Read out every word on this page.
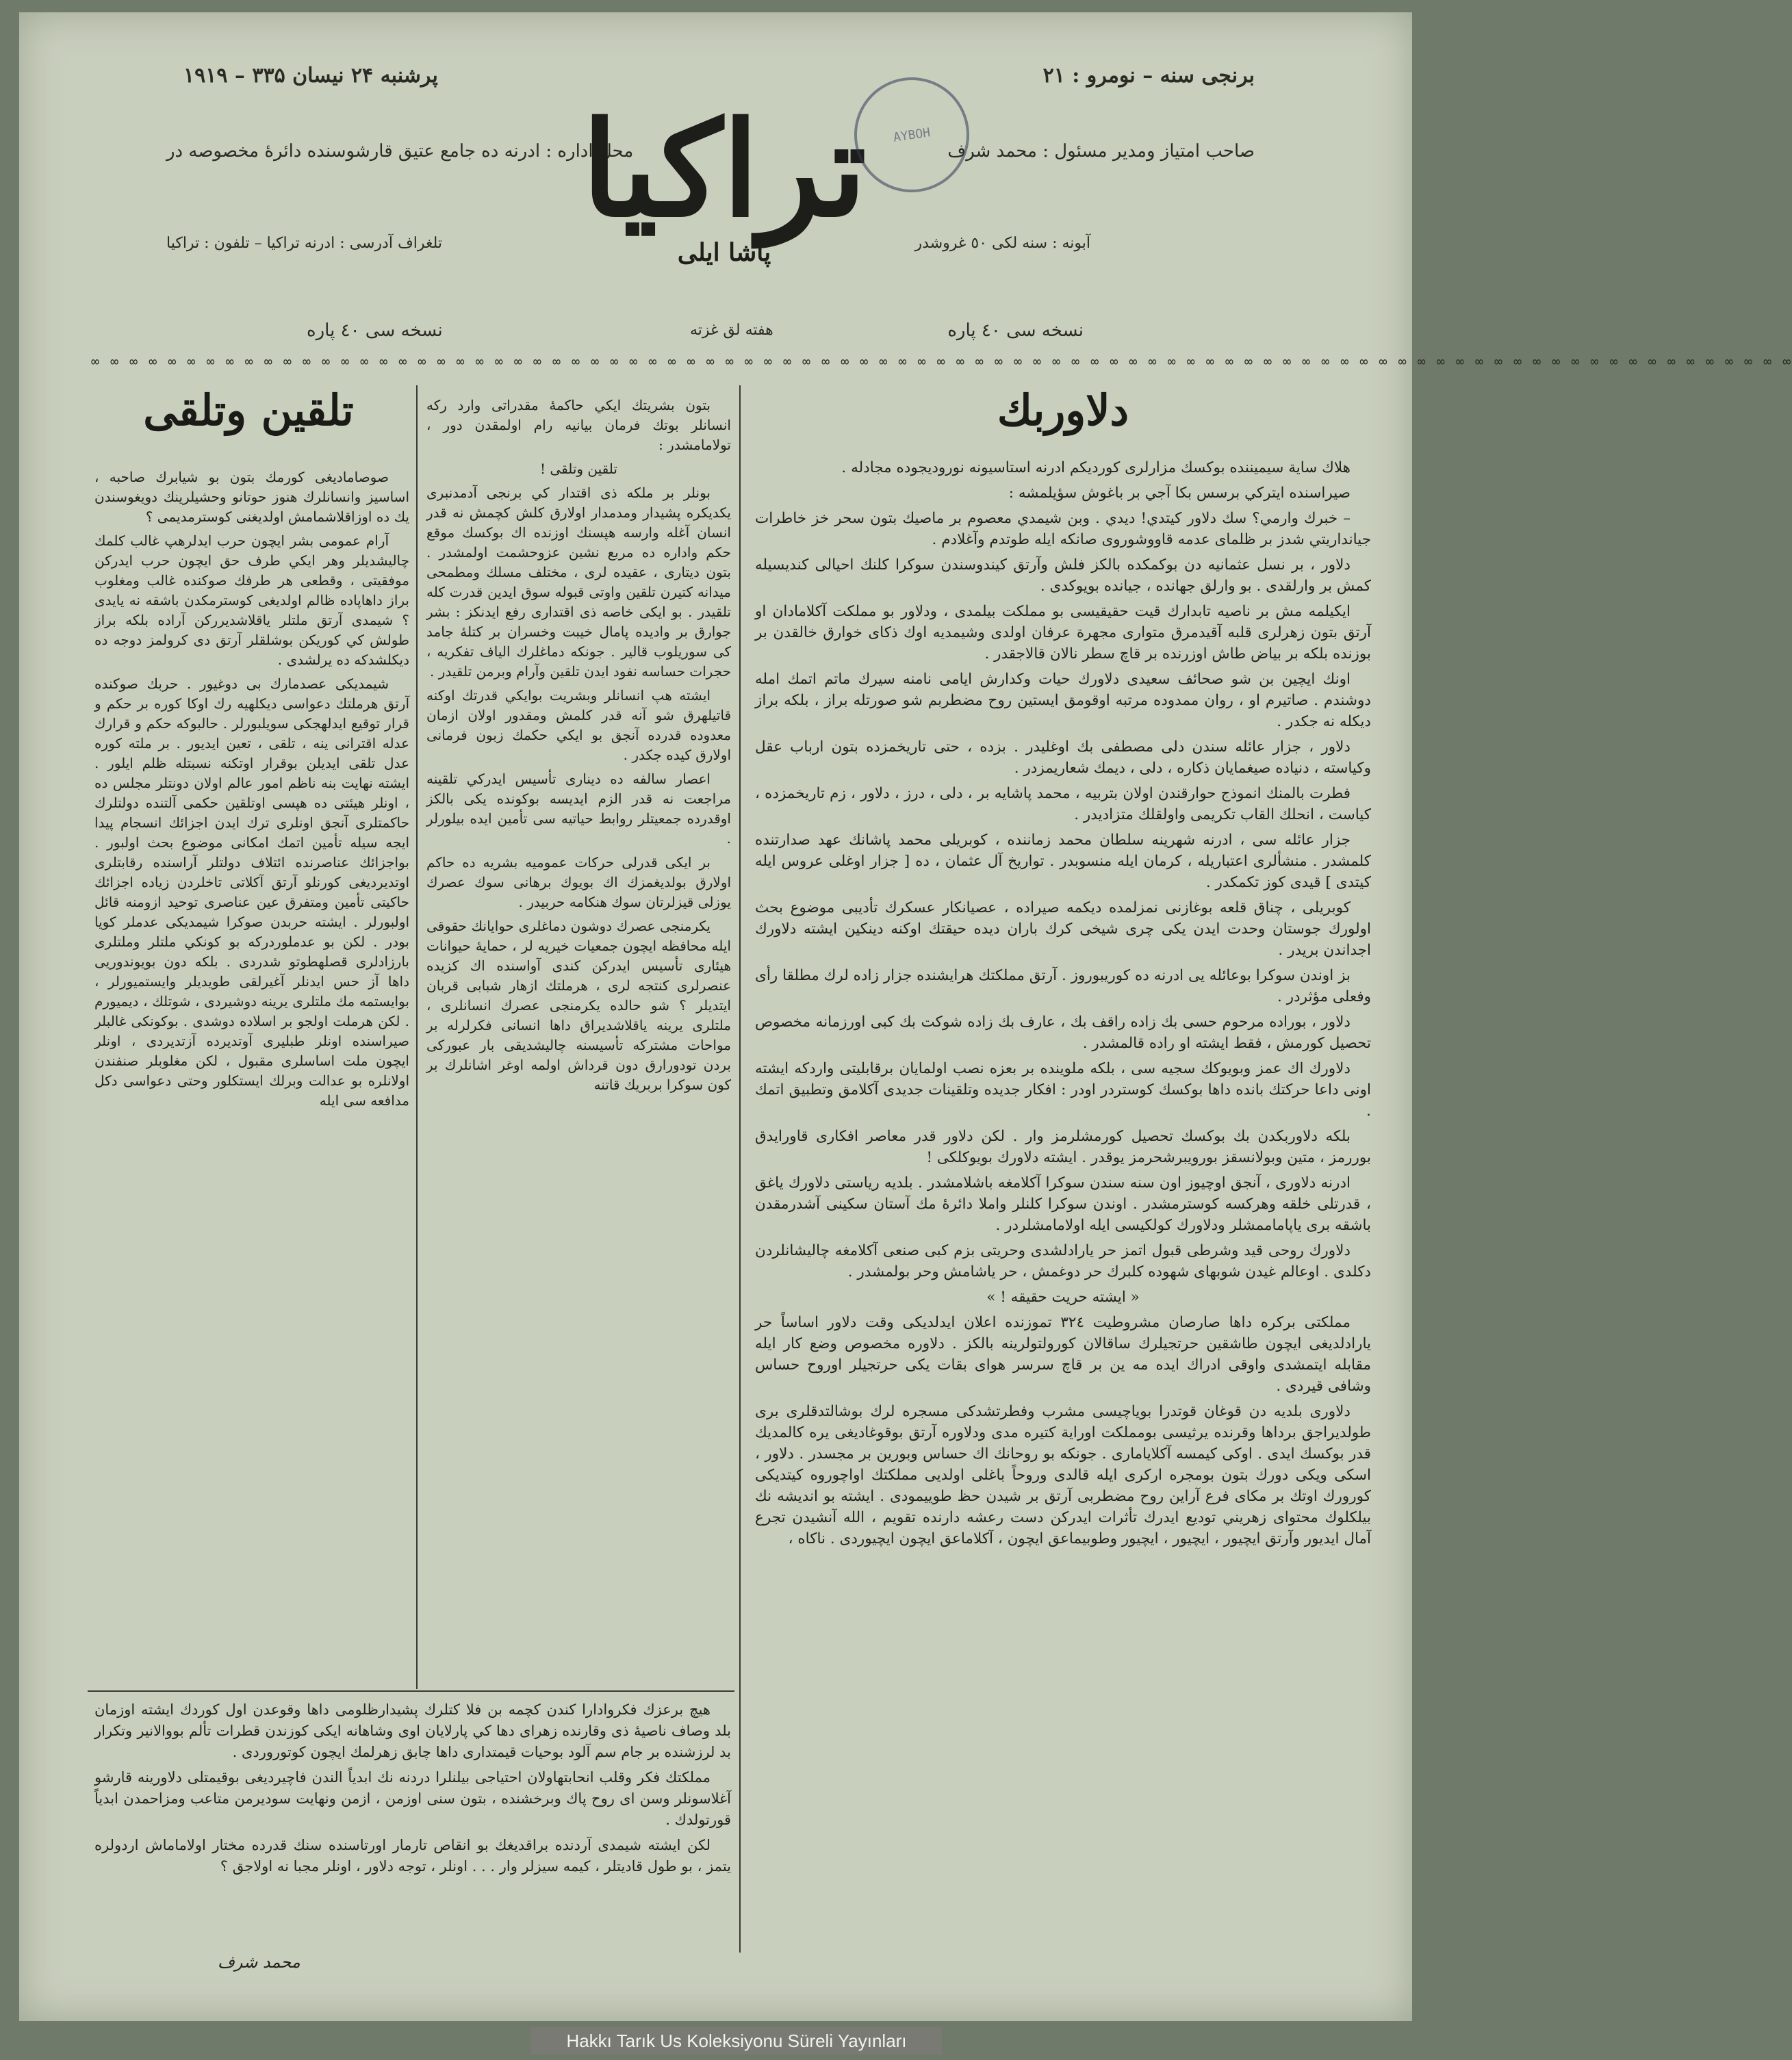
برنجی سنه – نومرو : ۲۱
پرشنبه ۲۴ نیسان ۳۳۵ – ۱۹۱۹
صاحب امتیاز ومدیر مسئول : محمد شرف
محل اداره : ادرنه ده جامع عتیق قارشوسنده دائرهٔ مخصوصه در
آبونه : سنه لکی ٥٠ غروشدر
تلغراف آدرسی : ادرنه تراکیا – تلفون : تراکیا
نسخه سی ٤٠ پاره
هفته لق غزته
نسخه سی ٤٠ پاره
تراکیا
پاشا ایلی
AYBOH
∞ ∞ ∞ ∞ ∞ ∞ ∞ ∞ ∞ ∞ ∞ ∞ ∞ ∞ ∞ ∞ ∞ ∞ ∞ ∞ ∞ ∞ ∞ ∞ ∞ ∞ ∞ ∞ ∞ ∞ ∞ ∞ ∞ ∞ ∞ ∞ ∞ ∞ ∞ ∞ ∞ ∞ ∞ ∞ ∞ ∞ ∞ ∞ ∞ ∞ ∞ ∞ ∞ ∞ ∞ ∞ ∞ ∞ ∞ ∞ ∞ ∞ ∞ ∞ ∞ ∞ ∞ ∞ ∞ ∞ ∞ ∞ ∞ ∞ ∞ ∞ ∞ ∞ ∞ ∞ ∞ ∞ ∞ ∞ ∞ ∞ ∞ ∞ ∞
دلاوربك

هلاك ساية سيميننده بوكسك مزارلرى كورديكم ادرنه استاسيونه نوروديجوده مجادله .

صيراسنده ايتركي برسس بكا آجي بر باغوش سؤيلمشه :

– خبرك وارمي؟ سك دلاور كيتدي! ديدي . وبن شيمدي معصوم بر ماصيك بتون سحر خز خاطرات جيانداريتي شدز بر ظلماى عدمه قاووشوروى صانكه ايله طوتدم وآغلادم .

دلاور ، بر نسل عثمانيه دن بوكمكده بالكز فلش وآرتق كيندوسندن سوكرا كلنك احيالى كنديسيله كمش بر وارلقدى . بو وارلق جهانده ، جيانده بويوكدى .

ايكيلمه مش بر ناصيه تابدارك قيت حقيقيسى بو مملكت بيلمدى ، ودلاور بو مملكت آكلامادان او آرتق بتون زهرلرى قلبه آقيدمرق متوارى مجهرة عرفان اولدى وشيمديه اوك ذكاى خوارق خالقدن بر بوزنده بلكه بر بياض طاش اوزرنده بر قاچ سطر نالان قالاجقدر .

اونك ايچين بن شو صحائف سعيدى دلاورك حيات وكدارش ايامى نامنه سيرك ماتم اتمك امله دوشندم . صاتيرم او ، روان ممدوده مرتبه اوقومق ايستين روح مضطربم شو صورتله براز ، بلكه براز ديكله نه جكدر .

دلاور ، جزار عائله سندن دلى مصطفى بك اوغليدر . بزده ، حتى تاريخمزده بتون ارباب عقل وكياسته ، دنياده صيغمايان ذكاره ، دلى ، ديمك شعاريمزدر .

فطرت بالمنك انموذج حوارقندن اولان بتربيه ، محمد پاشايه بر ، دلى ، درز ، دلاور ، زم تاريخمزده ، كياست ، انحلك القاب تكريمى واولقلك متزاديدر .

جزار عائله سى ، ادرنه شهرينه سلطان محمد زماننده ، كوبريلى محمد پاشانك عهد صدارتنده كلمشدر . منشألرى اعتباريله ، كرمان ايله منسوبدر . تواريخ آل عثمان ، ده [ جزار اوغلى عروس ايله كيتدى ] قيدى كوز تكمكدر .

كوبريلى ، چناق قلعه بوغازنى نمزلمده ديكمه صيراده ، عصيانكار عسكرك تأديبى موضوع بحث اولورك جوستان وحدت ايدن يكى چرى شيخى كرك باران ديده حيقتك اوكنه دينكين ايشته دلاورك اجداندن بريدر .

بز اوندن سوكرا بوعائله يى ادرنه ده كوريبوروز . آرتق مملكتك هرايشنده جزار زاده لرك مطلقا رأى وفعلى مؤثردر .

دلاور ، بوراده مرحوم حسى بك زاده راقف بك ، عارف بك زاده شوكت بك كبى اورزمانه مخصوص تحصيل كورمش ، فقط ايشته او راده قالمشدر .

دلاورك اك عمز وبويوكك سجيه سى ، بلكه ملوينده بر بعزه نصب اولمايان برقابليتى واردكه ايشته اونى داعا حركتك بانده داها بوكسك كوستردر اودر : افكار جديده وتلقينات جديدى آكلامق وتطبيق اتمك .

بلكه دلاوربكدن بك بوكسك تحصيل كورمشلرمز وار . لكن دلاور قدر معاصر افكارى قاورايدق بوررمز ، متين وبولانسقز بورويبرشحرمز يوقدر . ايشته دلاورك بويوكلكى !

ادرنه دلاورى ، آنجق اوچيوز اون سنه سندن سوكرا آكلامغه باشلامشدر . بلديه رياستى دلاورك ياغق ، قدرتلى خلقه وهركسه كوسترمشدر . اوندن سوكرا كلنلر واملا دائرهٔ مك آستان سكينى آشدرمقدن باشقه برى ياپاماممشلر ودلاورك كولكيسى ايله اولامامشلردر .

دلاورك روحى قيد وشرطى قبول اتمز حر يارادلشدى وحريتى بزم كبى صنعى آكلامغه چاليشانلردن دكلدى . اوعالم غيدن شوبهاى شهوده كلبرك حر دوغمش ، حر ياشامش وحر بولمشدر .

« ايشته حريت حقيقه ! »

مملكتى بركره داها صارصان مشروطيت ٣٢٤ تموزنده اعلان ايدلديكى وقت دلاور اساساً حر يارادلديغى ايچون طاشقين حرتجيلرك ساقالان كورولتولرينه بالكز . دلاوره مخصوص وضع كار ايله مقابله ايتمشدى واوقى ادراك ايده مه ين بر قاچ سرسر هواى بقات يكى حرتجيلر اوروح حساس وشافى قيردى .

دلاورى بلديه دن قوغان قوتدرا بوياچيسى مشرب وفطرتشدكى مسجره لرك بوشالتدقلرى برى طولديراجق برداها وقرنده يرثيسى بومملكت اوراية كتيره مدى ودلاوره آرتق بوقوغاديغى يره كالمديك قدر بوكسك ايدى . اوكى كيمسه آكلايامارى . جونكه بو روحانك اك حساس وبورين بر مجسدر . دلاور ، اسكى ويكى دورك بتون بومجره اركرى ايله قالدى وروحاً باغلى اولديى مملكتك اواچوروه كيتديكى كورورك اوتك بر مكاى فرع آراين روح مضطربى آرتق بر شيدن حظ طوييمودى . ايشته بو انديشه نك بيلكلوك محتواى زهريني توديع ايدرك تأثرات ايدركن دست رعشه دارنده تقويم ، الله آنشيدن تجرع آمال ايديور وآرتق ايچيور ، ايچيور ، ايچيور وطوبيماعق ايچون ، آكلاماعق ايچون ايچيوردى . ناكاه ،

تلقين وتلقى	بتون بشريتك ايكي حاكمهٔ مقدراتى وارد ركه انسانلر بوتك فرمان بيانيه رام اولمقدن دور ، تولامامشدر :

تلقين وتلقى !

بونلر بر ملكه ذى اقتدار كي برنجى آدمدنبرى يكديكره پشيدار ومدمدار اولارق كلش كچمش نه قدر انسان آغله وارسه هپسنك اوزنده اك بوكسك موقع حكم واداره ده مربع نشين عزوحشمت اولمشدر . بتون ديتارى ، عقيده لرى ، مختلف مسلك ومطمحى ميدانه كتيرن تلقين واوتى قبوله سوق ايدين قدرت كله تلقيدر . بو ايكى خاصه ذى اقتدارى رفع ايدنكز : بشر جوارق بر واديده پامال خيبت وخسران بر كتلهٔ جامد كى سوريلوب قالير . جونكه دماغلرك الياف تفكريه ، حجرات حساسه نفود ايدن تلقين وآرام وبرمن تلقيدر .

ايشته هپ انسانلر وبشريت بوايكي قدرتك اوكنه قاتيلهرق شو آنه قدر كلمش ومقدور اولان ازمان معدوده قدرده آنجق بو ايكي حكمك زبون فرمانى اولارق كيده جكدر .

اعصار سالفه ده دينارى تأسيس ايدركي تلقينه مراجعت نه قدر الزم ايديسه بوكونده يكى بالكز اوقدرده جمعيتلر روابط حياتيه سى تأمين ايده بيلورلر .

بر ايكى قدرلى حركات عموميه بشريه ده حاكم اولارق بولديغمزك اك بويوك برهانى سوك عصرك يوزلى قيزلرتان سوك هنكامه حربيدر .

يكرمنجى عصرك دوشون دماغلرى حوايانك حقوقى ايله محافظه ايچون جمعيات خيريه لر ، حمايهٔ حيوانات هيئارى تأسيس ايدركن كندى آواسنده اك كزيده عنصرلرى كنتجه لرى ، هرملتك ازهار شبابى قربان ايتديلر ؟ شو حالده يكرمنجى عصرك انسانلرى ، ملتلرى يرينه ياقلاشديراق داها انسانى فكرلرله بر مواحات مشتركه تأسيسنه چاليشديقى بار عبوركى بردن تودورارق دون قرداش اولمه اوغر اشانلرك بر كون سوكرا بربريك قاتنه

صوصاماديغى كورمك بتون بو شيابرك صاحبه ، اساسيز وانسانلرك هنوز حوتانو وحشيلرينك دويغوسندن يك ده اوزاقلاشمامش اولديغنى كوسترمديمى ؟

آرام عمومى بشر ايچون حرب ايدلرهپ غالب كلمك چاليشديلر وهر ايكي طرف حق ايچون حرب ايدركن موفقيتى ، وقطعى هر طرفك صوكنده غالب ومغلوب براز داهاپاده ظالم اولديغى كوسترمكدن باشقه نه يايدى ؟ شيمدى آرتق ملتلر ياقلاشديرركن آراده بلكه براز طولش كي كوريكن بوشلقلر آرتق دى كرولمز دوجه ده ديكلشدكه ده يرلشدى .

شيمديكى عصدمارك بى دوغيور . حربك صوكنده آرتق هرملتك دعواسى ديكلهيه رك اوكا كوره بر حكم و قرار توقيع ايدلهجكى سويلبورلر . حالبوكه حكم و قرارك عدله اقترانى ينه ، تلقى ، تعين ايديور . بر ملته كوره عدل تلقى ايديلن بوقرار اوتكنه نسبتله ظلم ايلور . ايشته نهايت بنه ناظم امور عالم اولان دونتلر مجلس ده ، اونلر هيئتى ده هپسى اوتلقين حكمى آلتنده دولتلرك حاكمتلرى آنجق اونلرى ترك ايدن اجزائك انسجام پيدا ايجه سيله تأمين اتمك امكانى موضوع بحث اولبور . بواجزائك عناصرنده ائتلاف دولتلر آراسنده رقابتلرى اوتديرديغى كورنلو آرتق آكلاتى تاخلردن زياده اجزائك حاكيتى تأمين ومتفرق عين عناصرى توحيد ازومنه قائل اولبورلر . ايشته حربدن صوكرا شيمديكى عدملر كويا بودر . لكن بو عدملوردركه بو كونكي ملتلر وملتلرى بارزادلرى قصلهطوتو شدردى . بلكه دون بويوندوريى داها آز حس ايدنلر آغيرلقى طويديلر وايستميورلر ، بوايستمه مك ملتلرى يرينه دوشيردى ، شوتلك ، ديميورم . لكن هرملت اولجو بر اسلاده دوشدى . بوكونكى غالبلر صيراسنده اونلر طبليرى آوتديرده آزتديردى ، اونلر ايچون ملت اساسلرى مقبول ، لكن مغلوبلر صنفندن اولانلره بو عدالت وبرلك ايستكلور وحتى دعواسى دكل مدافعه سى ايله

هيچ برعزك فكروادارا كندن كچمه بن فلا كتلرك پشيدارظلومى داها وقوعدن اول كوردك ايشته اوزمان بلد وصاف ناصيهٔ ذى وقارنده زهراى دها كي پارلايان اوى وشاهانه ايكى كوزندن قطرات تألم بووالانير وتكرار بد لرزشنده بر جام سم آلود بوحيات قيمتدارى داها چابق زهرلمك ايچون كوتوروردى .

مملكتك فكر وقلب انحابتهاولان احتياجى بيلنلرا دردنه نك ابدياً الندن فاچيرديغى بوقيمتلى دلاورينه قارشو آغلاسونلر وسن اى روح پاك وبرخشنده ، بتون سنى اوزمن ، ازمن ونهايت سوديرمن متاعب ومزاحمدن ابدياً قورتولدك .

لكن ايشته شيمدى آردنده براقديغك بو انقاص تارمار اورتاسنده سنك قدرده مختار اولاماماش اردولره يتمز ، بو طول قاديتلر ، كيمه سيزلر وار . . . اونلر ، توجه دلاور ، اونلر مجبا نه اولاجق ؟

محمد شرف
Hakkı Tarık Us Koleksiyonu Süreli Yayınları
